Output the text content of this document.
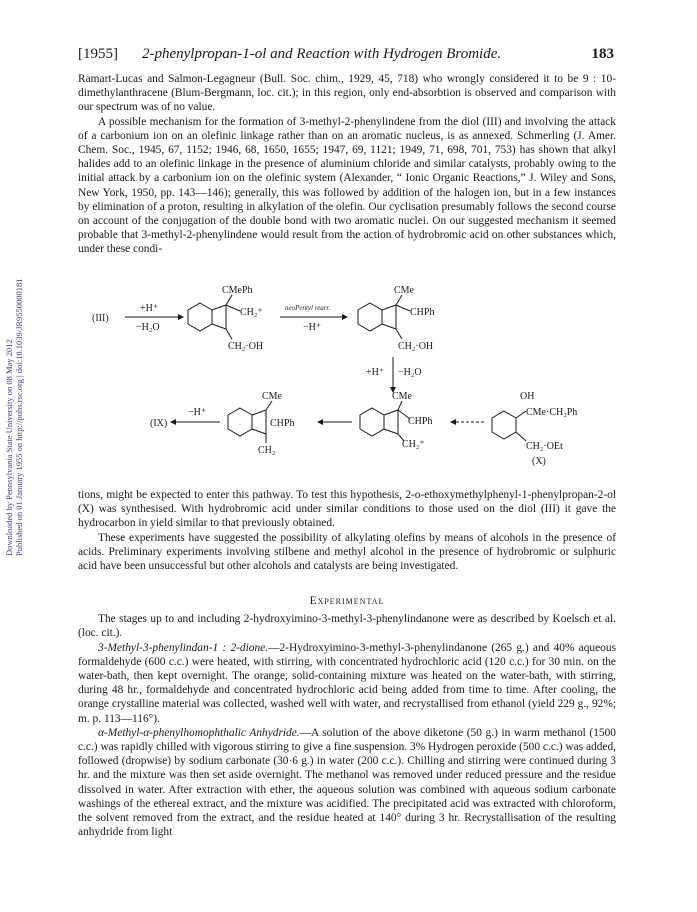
[1955] 2-phenylpropan-1-ol and Reaction with Hydrogen Bromide.	183
Downloaded by Pennsylvania State University on 08 May 2012 Published on 01 January 1955 on http://pubs.rsc.org | doi:10.1039/JR9550000181

Ramart-Lucas and Salmon-Legagneur (Bull. Soc. chim., 1929, 45, 718) who wrongly considered it to be 9 : 10-dimethylanthracene (Blum-Bergmann, loc. cit.); in this region, only end-absorbtion is observed and comparison with our spectrum was of no value.

A possible mechanism for the formation of 3-methyl-2-phenylindene from the diol (III) and involving the attack of a carbonium ion on an olefinic linkage rather than on an aromatic nucleus, is as annexed. Schmerling (J. Amer. Chem. Soc., 1945, 67, 1152; 1946, 68, 1650, 1655; 1947, 69, 1121; 1949, 71, 698, 701, 753) has shown that alkyl halides add to an olefinic linkage in the presence of aluminium chloride and similar catalysts, probably owing to the initial attack by a carbonium ion on the olefinic system (Alexander, “ Ionic Organic Reactions,” J. Wiley and Sons, New York, 1950, pp. 143—146); generally, this was followed by addition of the halogen ion, but in a few instances by elimination of a proton, resulting in alkylation of the olefin. Our cyclisation presumably follows the second course on account of the conjugation of the double bond with two aromatic nuclei. On our suggested mechanism it seemed probable that 3-methyl-2-phenylindene would result from the action of hydrobromic acid on other substances which, under these condi-

(III)
+H⁺
−H₂O
CMePh
CH₂⁺
CH₂·OH
neoPentyl rearr.
−H⁺
CMe
CHPh
CH₂·OH
+H⁺ −H₂O
(IX)
−H⁺
CMe
CHPh
CH₂
CMe
CHPh
CH₂⁺
OH
CMe·CH₂Ph
CH₂·OEt
(X)

tions, might be expected to enter this pathway. To test this hypothesis, 2-o-ethoxymethylphenyl-1-phenylpropan-2-ol (X) was synthesised. With hydrobromic acid under similar conditions to those used on the diol (III) it gave the hydrocarbon in yield similar to that previously obtained.

These experiments have suggested the possibility of alkylating olefins by means of alcohols in the presence of acids. Preliminary experiments involving stilbene and methyl alcohol in the presence of hydrobromic or sulphuric acid have been unsuccessful but other alcohols and catalysts are being investigated.

Experimental

The stages up to and including 2-hydroxyimino-3-methyl-3-phenylindanone were as described by Koelsch et al. (loc. cit.).

3-Methyl-3-phenylindan-1 : 2-dione.—2-Hydroxyimino-3-methyl-3-phenylindanone (265 g.) and 40% aqueous formaldehyde (600 c.c.) were heated, with stirring, with concentrated hydrochloric acid (120 c.c.) for 30 min. on the water-bath, then kept overnight. The orange, solid-containing mixture was heated on the water-bath, with stirring, during 48 hr., formaldehyde and concentrated hydrochloric acid being added from time to time. After cooling, the orange crystalline material was collected, washed well with water, and recrystallised from ethanol (yield 229 g., 92%; m. p. 113—116°).

α-Methyl-α-phenylhomophthalic Anhydride.—A solution of the above diketone (50 g.) in warm methanol (1500 c.c.) was rapidly chilled with vigorous stirring to give a fine suspension. 3% Hydrogen peroxide (500 c.c.) was added, followed (dropwise) by sodium carbonate (30·6 g.) in water (200 c.c.). Chilling and stirring were continued during 3 hr. and the mixture was then set aside overnight. The methanol was removed under reduced pressure and the residue dissolved in water. After extraction with ether, the aqueous solution was combined with aqueous sodium carbonate washings of the ethereal extract, and the mixture was acidified. The precipitated acid was extracted with chloroform, the solvent removed from the extract, and the residue heated at 140° during 3 hr. Recrystallisation of the resulting anhydride from light
